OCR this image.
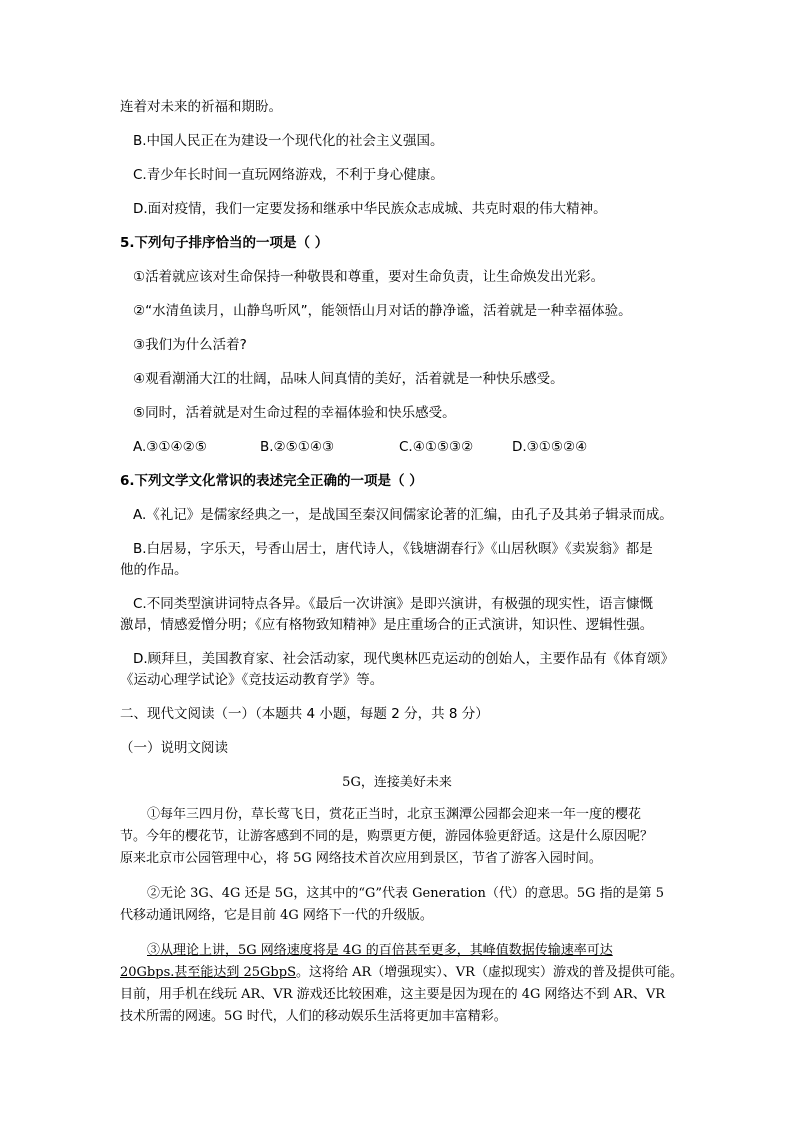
连着对未来的祈福和期盼。
B.中国人民正在为建设一个现代化的社会主义强国。
C.青少年长时间一直玩网络游戏，不利于身心健康。
D.面对疫情，我们一定要发扬和继承中华民族众志成城、共克时艰的伟大精神。
5.下列句子排序恰当的一项是（ ）
①活着就应该对生命保持一种敬畏和尊重，要对生命负责，让生命焕发出光彩。
②“水清鱼读月，山静鸟听风”，能领悟山月对话的静净谧，活着就是一种幸福体验。
③我们为什么活着?
④观看潮涌大江的壮阔，品味人间真情的美好，活着就是一种快乐感受。
⑤同时，活着就是对生命过程的幸福体验和快乐感受。
A.③①④②⑤	B.②⑤①④③	C.④①⑤③②	D.③①⑤②④
6.下列文学文化常识的表述完全正确的一项是（ ）
A.《礼记》是儒家经典之一，是战国至秦汉间儒家论著的汇编，由孔子及其弟子辑录而成。
B.白居易，字乐天，号香山居士，唐代诗人，《钱塘湖春行》《山居秋暝》《卖炭翁》都是
他的作品。
C.不同类型演讲词特点各异。《最后一次讲演》是即兴演讲，有极强的现实性，语言慷慨
激昂，情感爱憎分明；《应有格物致知精神》是庄重场合的正式演讲，知识性、逻辑性强。
D.顾拜旦，美国教育家、社会活动家，现代奥林匹克运动的创始人，主要作品有《体育颂》
《运动心理学试论》《竞技运动教育学》等。
二、现代文阅读（一）（本题共 4 小题，每题 2 分，共 8 分）
（一）说明文阅读
5G，连接美好未来
①每年三四月份，草长莺飞日，赏花正当时，北京玉渊潭公园都会迎来一年一度的樱花
节。今年的樱花节，让游客感到不同的是，购票更方便，游园体验更舒适。这是什么原因呢？
原来北京市公园管理中心，将 5G 网络技术首次应用到景区，节省了游客入园时间。
②无论 3G、4G 还是 5G，这其中的“G”代表 Generation（代）的意思。5G 指的是第 5
代移动通讯网络，它是目前 4G 网络下一代的升级版。
③从理论上讲，5G 网络速度将是 4G 的百倍甚至更多，其峰值数据传输速率可达
20Gbps.甚至能达到 25GbpS。这将给 AR（增强现实）、VR（虚拟现实）游戏的普及提供可能。
目前，用手机在线玩 AR、VR 游戏还比较困难，这主要是因为现在的 4G 网络达不到 AR、VR
技术所需的网速。5G 时代，人们的移动娱乐生活将更加丰富精彩。
